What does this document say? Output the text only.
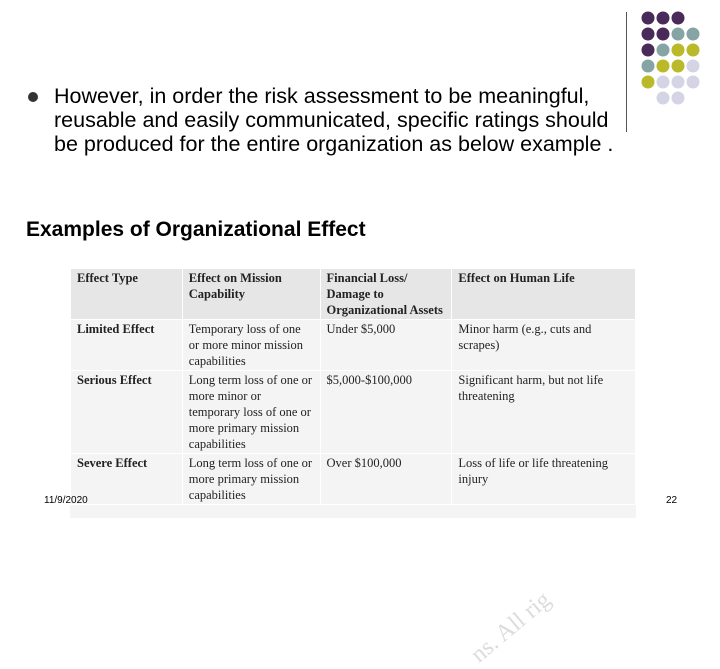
However, in order the risk assessment to be meaningful, reusable and easily communicated, specific ratings should be produced for the entire organization as below example .
Examples of Organizational Effect
ns. All rig
Effect Type	Effect on Mission Capability	Financial Loss/ Damage to Organizational Assets	Effect on Human Life
Limited Effect	Temporary loss of one or more minor mission capabilities	Under $5,000	Minor harm (e.g., cuts and scrapes)
Serious Effect	Long term loss of one or more minor or temporary loss of one or more primary mission capabilities	$5,000-$100,000	Significant harm, but not life threatening
Severe Effect	Long term loss of one or more primary mission capabilities	Over $100,000	Loss of life or life threatening injury
11/9/2020	22
